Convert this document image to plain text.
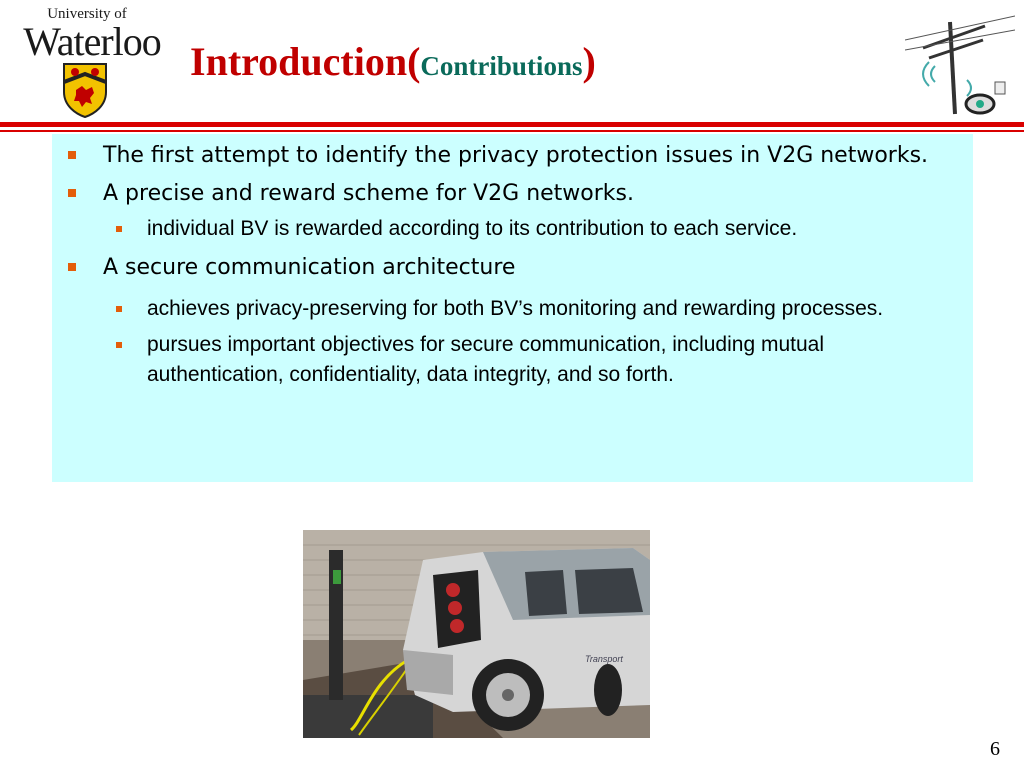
University of
Waterloo Introduction(Contributions)
The first attempt to identify the privacy protection issues in V2G networks.
A precise and reward scheme for V2G networks.
individual BV is rewarded according to its contribution to each service.
A secure communication architecture
achieves privacy-preserving for both BV’s monitoring and rewarding processes.
pursues important objectives for secure communication, including mutual authentication, confidentiality, data integrity, and so forth.
Transport
6
